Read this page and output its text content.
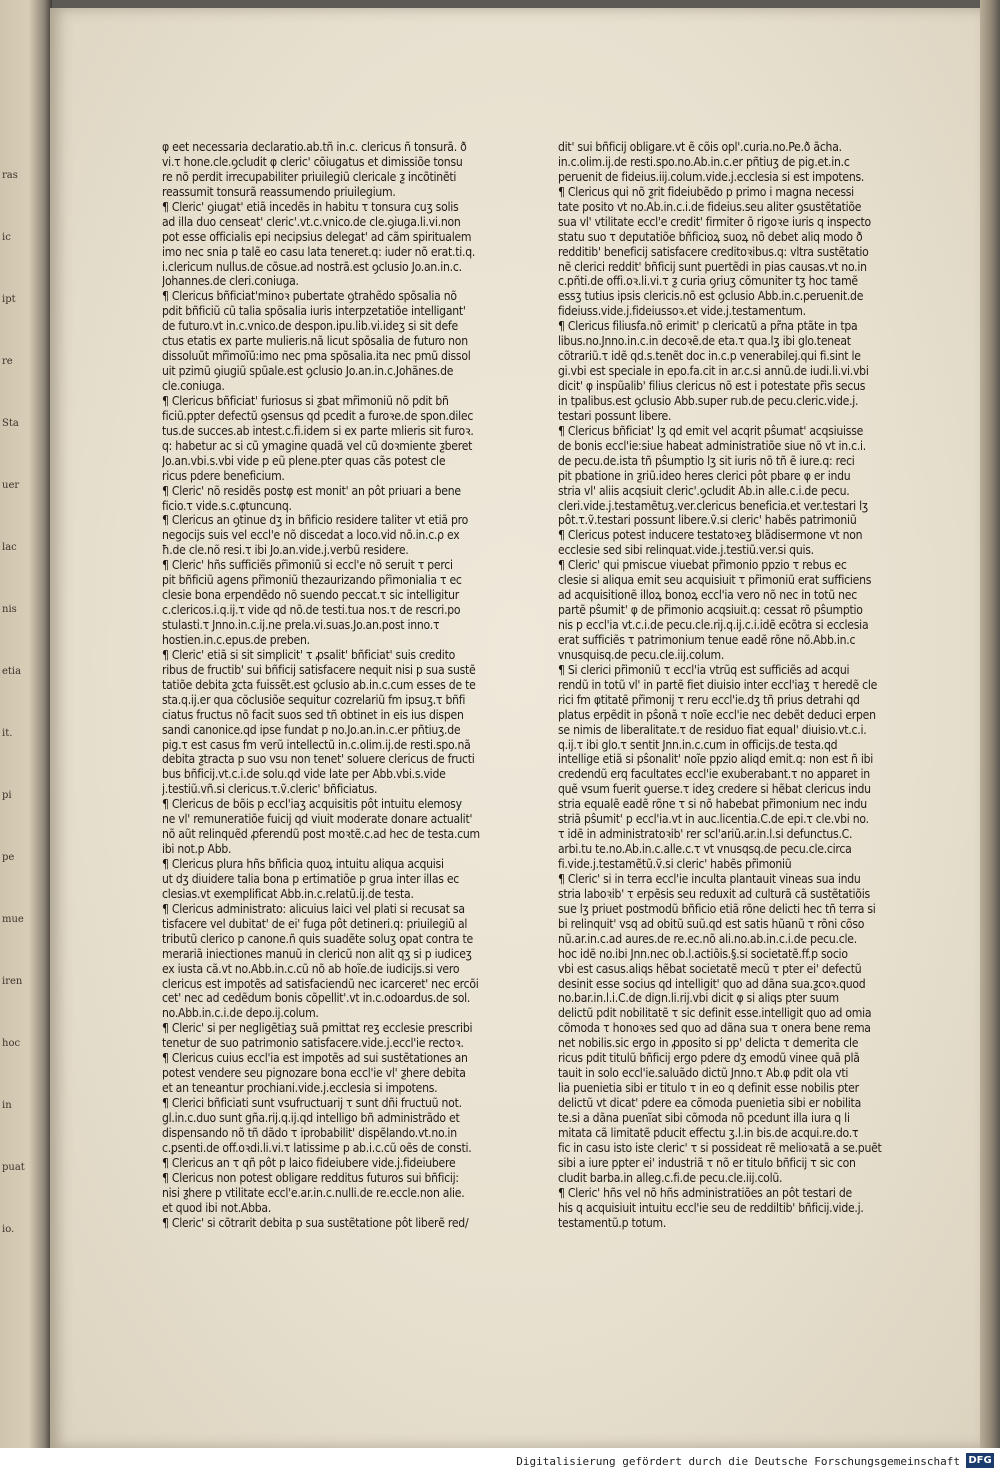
ras
ic
ipt
re
Sta
uer
lac
nis
etia
it.
pi
pe
mue
iren
hoc
in
puat
io.
φ eet necessaria declaratio.ab.tñ in.c. clericus ñ tonsurã. ð
vi.τ hone.cle.ꝯcludit φ cleric' cõiugatus et dimissiõe tonsu
re nõ perdit irrecupabiliter priuilegiũ clericale ƺ incõtinẽti
reassumit tonsurã reassumendo priuilegium.
¶ Cleric' ꝯiugat' etiã incedẽs in habitu τ tonsura cuʒ solis
ad illa duo censeat' cleric'.vt.c.vnico.de cle.ꝯiuga.li.vi.non
pot esse officialis epi necipsius delegat' ad cãm spiritualem
imo nec snia p talẽ eo casu lata teneret.q: iuder nõ erat.ti.q.
i.clericum nullus.de cõsue.ad nostrã.est ꝯclusio Jo.an.in.c.
Johannes.de cleri.coniuga.
¶ Clericus bñficiat'minoꝛ pubertate ꝯtrahẽdo spõsalia nõ
pdit bñficiũ cũ talia spõsalia iuris interpzetatiõe intelligant'
de futuro.vt in.c.vnico.de despon.ipu.lib.vi.ideʒ si sit defe
ctus etatis ex parte mulieris.nã licut spõsalia de futuro non
dissoluũt mr̃imoĩũ:imo nec pma spõsalia.ita nec pmũ dissol
uit pzimũ ꝯiugiũ spũale.est ꝯclusio Jo.an.in.c.Johãnes.de
cle.coniuga.
¶ Clericus bñficiat' furiosus si ƺbat mr̃imoniũ nõ pdit bñ
ficiũ.ppter defectũ ꝯsensus qd pcedit a furoꝛe.de spon.dilec
tus.de succes.ab intest.c.fi.idem si ex parte mlieris sit furoꝛ.
q: habetur ac si cũ ymagine quadã vel cũ doꝛmiente ƺberet
Jo.an.vbi.s.vbi vide p eũ plene.pter quas cãs potest cle
ricus pdere beneficium.
¶ Cleric' nõ residẽs postφ est monit' an pôt priuari a bene
ficio.τ vide.s.c.φtuncunq.
¶ Clericus an ꝯtinue dʒ in bñficio residere taliter vt etiã pro
negocijs suis vel eccl'e nõ discedat a loco.vid nõ.in.c.ρ ex
ħ.de cle.nõ resi.τ ibi Jo.an.vide.j.verbũ residere.
¶ Cleric' hñs sufficiẽs pr̃imoniũ si eccl'e nõ seruit τ perci
pit bñficiũ agens pr̃imoniũ thezaurizando pr̃imonialia τ ec
clesie bona erpendẽdo nõ suendo peccat.τ sic intelligitur
c.clericos.i.q.ij.τ vide qd nõ.de testi.tua nos.τ de rescri.po
stulasti.τ Jnno.in.c.ij.ne prela.vi.suas.Jo.an.post inno.τ
hostien.in.c.epus.de preben.
¶ Cleric' etiã si sit simplicit' τ ꝓsalit' bñficiat' suis credito
ribus de fructib' sui bñficij satisfacere nequit nisi p sua sustẽ
tatiõe debita ƺcta fuissẽt.est ꝯclusio ab.in.c.cum esses de te
sta.q.ij.er qua cõclusiõe sequitur cozrelariũ fm ipsuʒ.τ bñfi
ciatus fructus nõ facit suos sed tñ obtinet in eis ius dispen
sandi canonice.qd ipse fundat p no.Jo.an.in.c.er pñtiuʒ.de
pig.τ est casus fm verũ intellectũ in.c.olim.ij.de resti.spo.nã
debita ƺtracta p suo vsu non tenet' soluere clericus de fructi
bus bñficij.vt.c.i.de solu.qd vide late per Abb.vbi.s.vide
j.testiũ.vñ.si clericus.τ.ṽ.cleric' bñficiatus.
¶ Clericus de bõis p eccl'iaʒ acquisitis pôt intuitu elemosy
ne vl' remuneratiõe fuicij qd viuit moderate donare actualit'
nõ aũt relinquẽd ꝓferendũ post moꝛtẽ.c.ad hec de testa.cum
ibi not.p Abb.
¶ Clericus plura hñs bñficia quoꝝ intuitu aliqua acquisi
ut dʒ diuidere talia bona p ertimatiõe p grua inter illas ec
clesias.vt exemplificat Abb.in.c.relatũ.ij.de testa.
¶ Clericus administrato: alicuius laici vel plati si recusat sa
tisfacere vel dubitat' de ei' fuga pôt detineri.q: priuilegiũ al
tributũ clerico p canone.ñ quis suadẽte soluʒ opat contra te
merariã iniectiones manuũ in clericũ non alit qʒ si p iudiceʒ
ex iusta cã.vt no.Abb.in.c.cũ nõ ab hoĩe.de iudicijs.si vero
clericus est impotẽs ad satisfaciendũ nec icarceret' nec ercõi
cet' nec ad cedẽdum bonis cõpellit'.vt in.c.odoardus.de sol.
no.Abb.in.c.i.de depo.ij.colum.
¶ Cleric' si per negligẽtiaʒ suã pmittat reʒ ecclesie prescribi
tenetur de suo patrimonio satisfacere.vide.j.eccl'ie rectoꝛ.
¶ Clericus cuius eccl'ia est impotẽs ad sui sustẽtationes an
potest vendere seu pignozare bona eccl'ie vl' ƺhere debita
et an teneantur prochiani.vide.j.ecclesia si impotens.
¶ Clerici bñficiati sunt vsufructuarij τ sunt dñi fructuũ not.
gl.in.c.duo sunt gña.rij.q.ij.qd intelligo bñ administrãdo et
dispensando nõ tñ dãdo τ iprobabilit' dispẽlando.vt.no.in
c.ꝑsenti.de off.oꝛdi.li.vi.τ latissime p ab.i.c.cũ oẽs de consti.
¶ Clericus an τ qñ pôt p laico fideiubere vide.j.fideiubere
¶ Clericus non potest obligare redditus futuros sui bñficij:
nisi ƺhere p vtilitate eccl'e.ar.in.c.nulli.de re.eccle.non alie.
et quod ibi not.Abba.
¶ Cleric' si cõtrarit debita p sua sustẽtatione pôt liberẽ red/
dit' sui bñficij obligare.vt ẽ cõis opl'.curia.no.Pe.ð ãcha.
in.c.olim.ij.de resti.spo.no.Ab.in.c.er pñtiuʒ de pig.et.in.c
peruenit de fideius.iij.colum.vide.j.ecclesia si est impotens.
¶ Clericus qui nõ ƺrit fideiubẽdo p primo i magna necessi
tate posito vt no.Ab.in.c.i.de fideius.seu aliter ꝯsustẽtatiõe
sua vl' vtilitate eccl'e credit' firmiter õ rigoꝛe iuris q inspecto
statu suo τ deputatiõe bñficioꝝ suoꝝ nõ debet aliq modo ð
redditib' beneficij satisfacere creditoꝛibus.q: vltra sustẽtatio
nẽ clerici reddit' bñficij sunt puertẽdi in pias causas.vt no.in
c.pñti.de offi.oꝛ.li.vi.τ ƺ curia ꝯriuʒ cõmuniter tʒ hoc tamẽ
essʒ tutius ipsis clericis.nõ est ꝯclusio Abb.in.c.peruenit.de
fideiuss.vide.j.fideiussoꝛ.et vide.j.testamentum.
¶ Clericus filiusfa.nõ erimit' p clericatũ a pr̃na ptãte in tpa
libus.no.Jnno.in.c.in decoꝛẽ.de eta.τ qua.lʒ ibi glo.teneat
cõtrariũ.τ idẽ qd.s.tenẽt doc in.c.p venerabilej.qui fi.sint le
gi.vbi est speciale in epo.fa.cit in ar.c.si annũ.de iudi.li.vi.vbi
dicit' φ inspũalib' filius clericus nõ est i potestate pr̃is secus
in tpalibus.est ꝯclusio Abb.super rub.de pecu.cleric.vide.j.
testari possunt libere.
¶ Clericus bñficiat' lʒ qd emit vel acqrit pŝumat' acqsiuisse
de bonis eccl'ie:siue habeat administratiõe siue nõ vt in.c.i.
de pecu.de.ista tñ pŝumptio lʒ sit iuris nõ tñ ẽ iure.q: reci
pit pbatione in ƺriũ.ideo heres clerici pôt pbare φ er indu
stria vl' aliis acqsiuit cleric'.ꝯcludit Ab.in alle.c.i.de pecu.
cleri.vide.j.testamẽtuʒ.ver.clericus beneficia.et ver.testari lʒ
pôt.τ.ṽ.testari possunt libere.ṽ.si cleric' habẽs patrimoniũ
¶ Clericus potest inducere testatoꝛeʒ blãdisermone vt non
ecclesie sed sibi relinquat.vide.j.testiũ.ver.si quis.
¶ Cleric' qui pmiscue viuebat pr̃imonio ppzio τ rebus ec
clesie si aliqua emit seu acquisiuit τ pr̃imoniũ erat sufficiens
ad acquisitionẽ illoꝝ bonoꝝ eccl'ia vero nõ nec in totũ nec
partẽ pŝumit' φ de pr̃imonio acqsiuit.q: cessat rõ pŝumptio
nis p eccl'ia vt.c.i.de pecu.cle.rij.q.ij.c.i.idẽ ecõtra si ecclesia
erat sufficiẽs τ patrimonium tenue eadẽ rõne nõ.Abb.in.c
vnusquisq.de pecu.cle.iij.colum.
¶ Si clerici pr̃imoniũ τ eccl'ia vtrũq est sufficiẽs ad acqui
rendũ in totũ vl' in partẽ fiet diuisio inter eccl'iaʒ τ heredẽ cle
rici fm φtitatẽ pr̃imonij τ reru eccl'ie.dʒ tñ prius detrahi qd
platus erpẽdit in pŝonã τ noĩe eccl'ie nec debẽt deduci erpen
se nimis de liberalitate.τ de residuo fiat equal' diuisio.vt.c.i.
q.ij.τ ibi glo.τ sentit Jnn.in.c.cum in officijs.de testa.qd
intellige etiã si pŝonalit' noĩe ppzio aliqd emit.q: non est ñ ibi
credendũ erq facultates eccl'ie exuberabant.τ no apparet in
quẽ vsum fuerit ꝯuerse.τ ideʒ credere si hẽbat clericus indu
stria equalẽ eadẽ rõne τ si nõ habebat pr̃imonium nec indu
striã pŝumit' p eccl'ia.vt in auc.licentia.C.de epi.τ cle.vbi no.
τ idẽ in administratoꝛib' rer scl'ariũ.ar.in.l.si defunctus.C.
arbi.tu te.no.Ab.in.c.alle.c.τ vt vnusqsq.de pecu.cle.circa
fi.vide.j.testamẽtũ.ṽ.si cleric' habẽs pr̃imoniũ
¶ Cleric' si in terra eccl'ie inculta plantauit vineas sua indu
stria laboꝛib' τ erpẽsis seu reduxit ad culturã cã sustẽtatiõis
sue lʒ priuet postmodũ bñficio etiã rõne delicti hec tñ terra si
bi relinquit' vsq ad obitũ suũ.qd est satis hũanũ τ rõni cõso
nũ.ar.in.c.ad aures.de re.ec.nõ ali.no.ab.in.c.i.de pecu.cle.
hoc idẽ no.ibi Jnn.nec ob.l.actiõis.§.si societatẽ.ff.p socio
vbi est casus.aliqs hẽbat societatẽ mecũ τ pter ei' defectũ
desinit esse socius qd intelligit' quo ad dãna sua.ƺcoꝛ.quod
no.bar.in.l.i.C.de dign.li.rij.vbi dicit φ si aliqs pter suum
delictũ pdit nobilitatẽ τ sic definit esse.intelligit quo ad omia
cõmoda τ honoꝛes sed quo ad dãna sua τ onera bene rema
net nobilis.sic ergo in ꝓposito si pp' delicta τ demerita cle
ricus pdit titulũ bñficij ergo pdere dʒ emodũ vinee quã plã
tauit in solo eccl'ie.saluãdo dictũ Jnno.τ Ab.φ pdit ola vti
lia puenietia sibi er titulo τ in eo q definit esse nobilis pter
delictũ vt dicat' pdere ea cõmoda puenietia sibi er nobilita
te.si a dãna puenĩat sibi cõmoda nõ pcedunt illa iura q li
mitata cã limitatẽ pducit effectu ʒ.l.in bis.de acqui.re.do.τ
fic in casu isto iste cleric' τ si possideat rẽ melioꝛatã a se.puẽt
sibi a iure ppter ei' industriã τ nõ er titulo bñficij τ sic con
cludit barba.in alleg.c.fi.de pecu.cle.iij.colũ.
¶ Cleric' hñs vel nõ hñs administratiões an pôt testari de
his q acquisiuit intuitu eccl'ie seu de reddiltib' bñficij.vide.j.
testamentũ.p totum.
Digitalisierung gefördert durch die Deutsche Forschungsgemeinschaft DFG
